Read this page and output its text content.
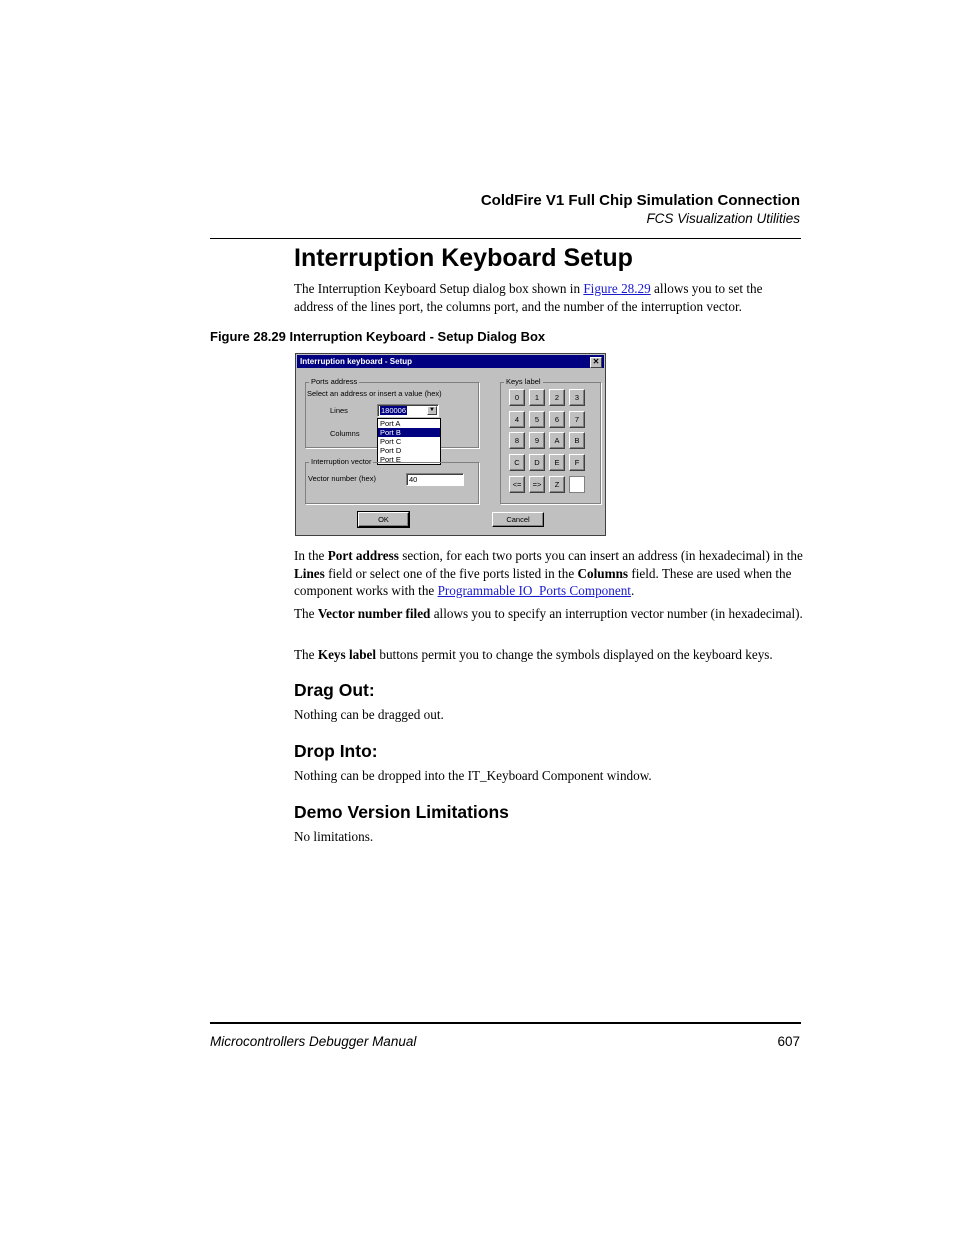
ColdFire V1 Full Chip Simulation Connection
FCS Visualization Utilities
Interruption Keyboard Setup
The Interruption Keyboard Setup dialog box shown in Figure 28.29 allows you to set the address of the lines port, the columns port, and the number of the interruption vector.
Figure 28.29 Interruption Keyboard - Setup Dialog Box
Interruption keyboard - Setup	✕
Ports address
Select an address or insert a value (hex)
Lines	180006	▼
Columns
Port A
Port B
Port C
Port D
Port E
Interruption vector
Vector number (hex)	40
Keys label
0	1	2	3
4	5	6	7
8	9	A	B
C	D	E	F
<=	=>	Z
OK	Cancel
In the Port address section, for each two ports you can insert an address (in hexadecimal) in the Lines field or select one of the five ports listed in the Columns field. These are used when the component works with the Programmable IO_Ports Component.
The Vector number filed allows you to specify an interruption vector number (in hexadecimal).
The Keys label buttons permit you to change the symbols displayed on the keyboard keys.
Drag Out:
Nothing can be dragged out.
Drop Into:
Nothing can be dropped into the IT_Keyboard Component window.
Demo Version Limitations
No limitations.
Microcontrollers Debugger Manual	607
